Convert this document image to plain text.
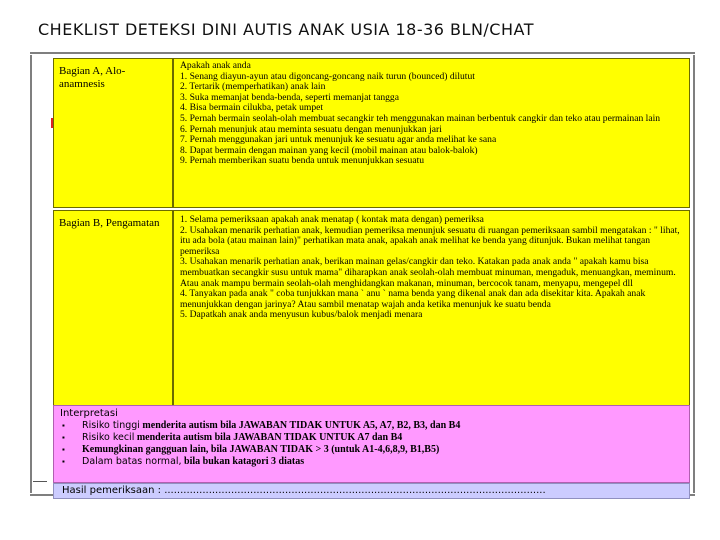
CHEKLIST DETEKSI DINI AUTIS ANAK USIA 18-36 BLN/CHAT
Bagian A, Alo-anamnesis
Apakah anak anda
1. Senang diayun-ayun atau digoncang-goncang naik turun (bounced) dilutut
2. Tertarik (memperhatikan) anak lain
3. Suka memanjat benda-benda, seperti memanjat tangga
4. Bisa bermain cilukba, petak umpet
5. Pernah bermain seolah-olah membuat secangkir teh menggunakan mainan berbentuk cangkir dan teko atau permainan lain
6. Pernah menunjuk atau meminta sesuatu dengan menunjukkan jari
7. Pernah menggunakan jari untuk menunjuk ke sesuatu agar anda melihat ke sana
8. Dapat bermain dengan mainan yang kecil (mobil mainan atau balok-balok)
9. Pernah memberikan suatu benda untuk menunjukkan sesuatu
Bagian B, Pengamatan	1. Selama pemeriksaan apakah anak menatap ( kontak mata dengan) pemeriksa
2. Usahakan menarik perhatian anak, kemudian pemeriksa menunjuk sesuatu di ruangan pemeriksaan sambil mengatakan : " lihat, itu ada bola (atau mainan lain)" perhatikan mata anak, apakah anak melihat ke benda yang ditunjuk. Bukan melihat tangan pemeriksa
3. Usahakan menarik perhatian anak, berikan mainan gelas/cangkir dan teko. Katakan pada anak anda " apakah kamu bisa membuatkan secangkir susu untuk mama" diharapkan anak seolah-olah membuat minuman, mengaduk, menuangkan, meminum. Atau anak mampu bermain seolah-olah menghidangkan makanan, minuman, bercocok tanam, menyapu, mengepel dll
4. Tanyakan pada anak " coba tunjukkan mana ` anu ` nama benda yang dikenal anak dan ada disekitar kita. Apakah anak menunjukkan dengan jarinya? Atau sambil menatap wajah anda ketika menunjuk ke suatu benda
5. Dapatkah anak anda menyusun kubus/balok menjadi menara
Interpretasi
▪ Risiko tinggi menderita autism bila JAWABAN TIDAK UNTUK A5, A7, B2, B3, dan B4
▪ Risiko kecil menderita autism bila JAWABAN TIDAK UNTUK A7 dan B4
▪ Kemungkinan gangguan lain, bila JAWABAN TIDAK > 3 (untuk A1-4,6,8,9, B1,B5)
▪ Dalam batas normal, bila bukan katagori 3 diatas
Hasil pemeriksaan : ........................................................................................................................
